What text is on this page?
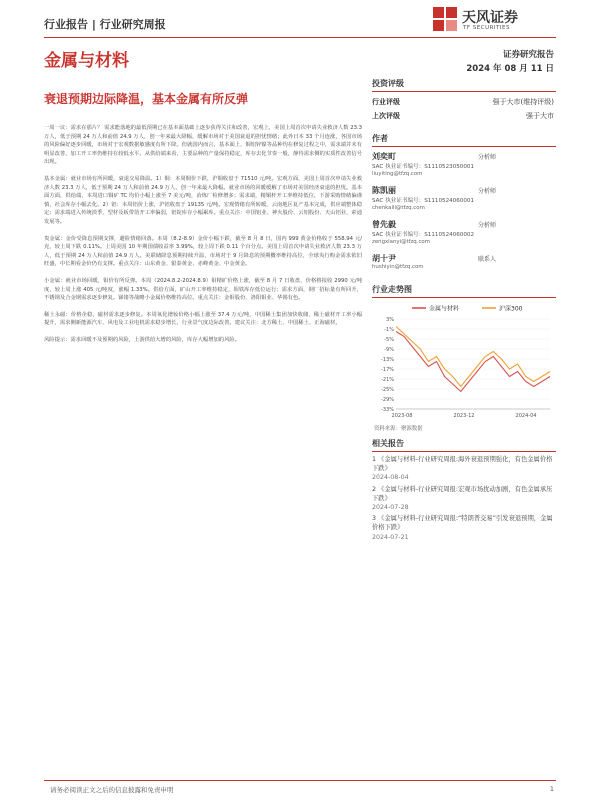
行业报告 | 行业研究周报	天风证券
TF SECURITIES
金属与材料	证券研究报告
2024 年 08 月 11 日
衰退预期边际降温，基本金属有所反弹

一周一议：需求在那片？ 需求能落地的最低预期已在基本面基础上逐步获得关注和改善，宏观上，美国上周首次申请失业救济人数 23.3 万人，低于预期 24 万人和前值 24.9 万人，创一年来最大降幅，缓解市场对于美国衰退的担忧情绪；此外日本 33 个月连涨，各国市场的风险偏好逐步回暖，市场对于宏观数据敏感度有所下降。但就国内而言，基本面上，铜铝锌镍等品种均在修复过程之中，需求端并未有明显改善，加工开工率仍维持在较低水平。从供给端来看，主要品种的产量保持稳定，库存去化节奏一般，静待需求侧的实质性改善信号出现。

基本金属：就业市场有所回暖，衰退交易降温。1）铜：本周铜价下跌，沪铜收盘于 71510 元/吨。宏观方面，美国上周首次申请失业救济人数 23.3 万人，低于预期 24 万人和前值 24.9 万人，创一年来最大降幅。就业市场的回暖缓解了市场对美国经济衰退的担忧。基本面方面，供给端，本周进口铜矿 TC 均价小幅上涨至 7 美元/吨，冶炼厂检修增多；需求端，精铜杆开工率维持低位，下游采购情绪偏谨慎，社会库存小幅去化。2）铝：本周铝价上涨，沪铝收盘于 19135 元/吨。宏观情绪有所转暖，云南地区复产基本完成，供应端整体稳定；需求端进入传统淡季，型材及板带箔开工率偏弱，铝锭库存小幅累库。重点关注：中国铝业、神火股份、云铝股份、天山铝业、索通发展等。

贵金属：金价受降息预期支撑，避险情绪回落。本周（8.2-8.9）金价小幅下跌，截至 8 月 8 日，国内 999 黄金价格收于 558.94 元/克，较上周下跌 0.11%。上周美国 10 年期国债收益率 3.99%，较上周下跌 0.11 个百分点。美国上周首次申请失业救济人数 23.3 万人，低于预期 24 万人和前值 24.9 万人。美联储降息预期持续升温，市场对于 9 月降息的预期概率维持高位，全球央行购金需求依旧旺盛，中长期看金价仍有支撑。重点关注：山东黄金、银泰黄金、赤峰黄金、中金黄金。

小金属：就业市场回暖，钼价有所反弹。本周（2024.8.2-2024.8.9）钼精矿价格上涨，截至 8 月 7 日收盘，价格格报收 2990 元/吨度，较上周上涨 405 元/吨度，涨幅 1.33%。供给方面，矿山开工率维持稳定，钼铁库存低位运行；需求方面，钢厂招标量有所回升，不锈钢及合金钢需求逐步修复。锑锗等战略小金属价格维持高位。重点关注：金钼股份、洛阳钼业、华锡有色。

稀土永磁：价格企稳，磁材需求逐步修复。本周氧化镨钕价格小幅上涨至 37.4 万元/吨，中国稀土集团加快收储，稀土磁材开工率小幅提升，需求侧新能源汽车、风电及工业电机需求稳步增长，行业景气度边际改善。建议关注：北方稀土、中国稀土、正海磁材。

风险提示：需求回暖不及预期的风险，上游供给大增的风险，库存大幅增加的风险。

投资评级
行业评级	强于大市(维持评级)
上次评级	强于大市
作者
刘奕町	分析师
SAC 执业证书编号：S1110523050001
liuyiting@tfzq.com
陈凯丽	分析师
SAC 执业证书编号：S1110524060001
chenkaili@tfzq.com
曾先毅	分析师
SAC 执业证书编号：S1110524060002
zengxianyi@tfzq.com
胡十尹	联系人
hushiyin@tfzq.com
行业走势图
金属与材料	沪深300
3%
-1%
-5%
-9%
-13%
-17%
-21%
-25%
-29%
-33%
2023-08	2023-12	2024-04
资料来源：聚源数据
相关报告
1 《金属与材料-行业研究周报:海外衰退预期强化，有色金属价格下跌》
2024-08-04
2 《金属与材料-行业研究周报:宏观市场扰动加剧，有色金属承压下跌》
2024-07-28
3 《金属与材料-行业研究周报:“特朗普交易”引发衰退预期，金属价格下跌》
2024-07-21
请务必阅读正文之后的信息披露和免责申明	1
